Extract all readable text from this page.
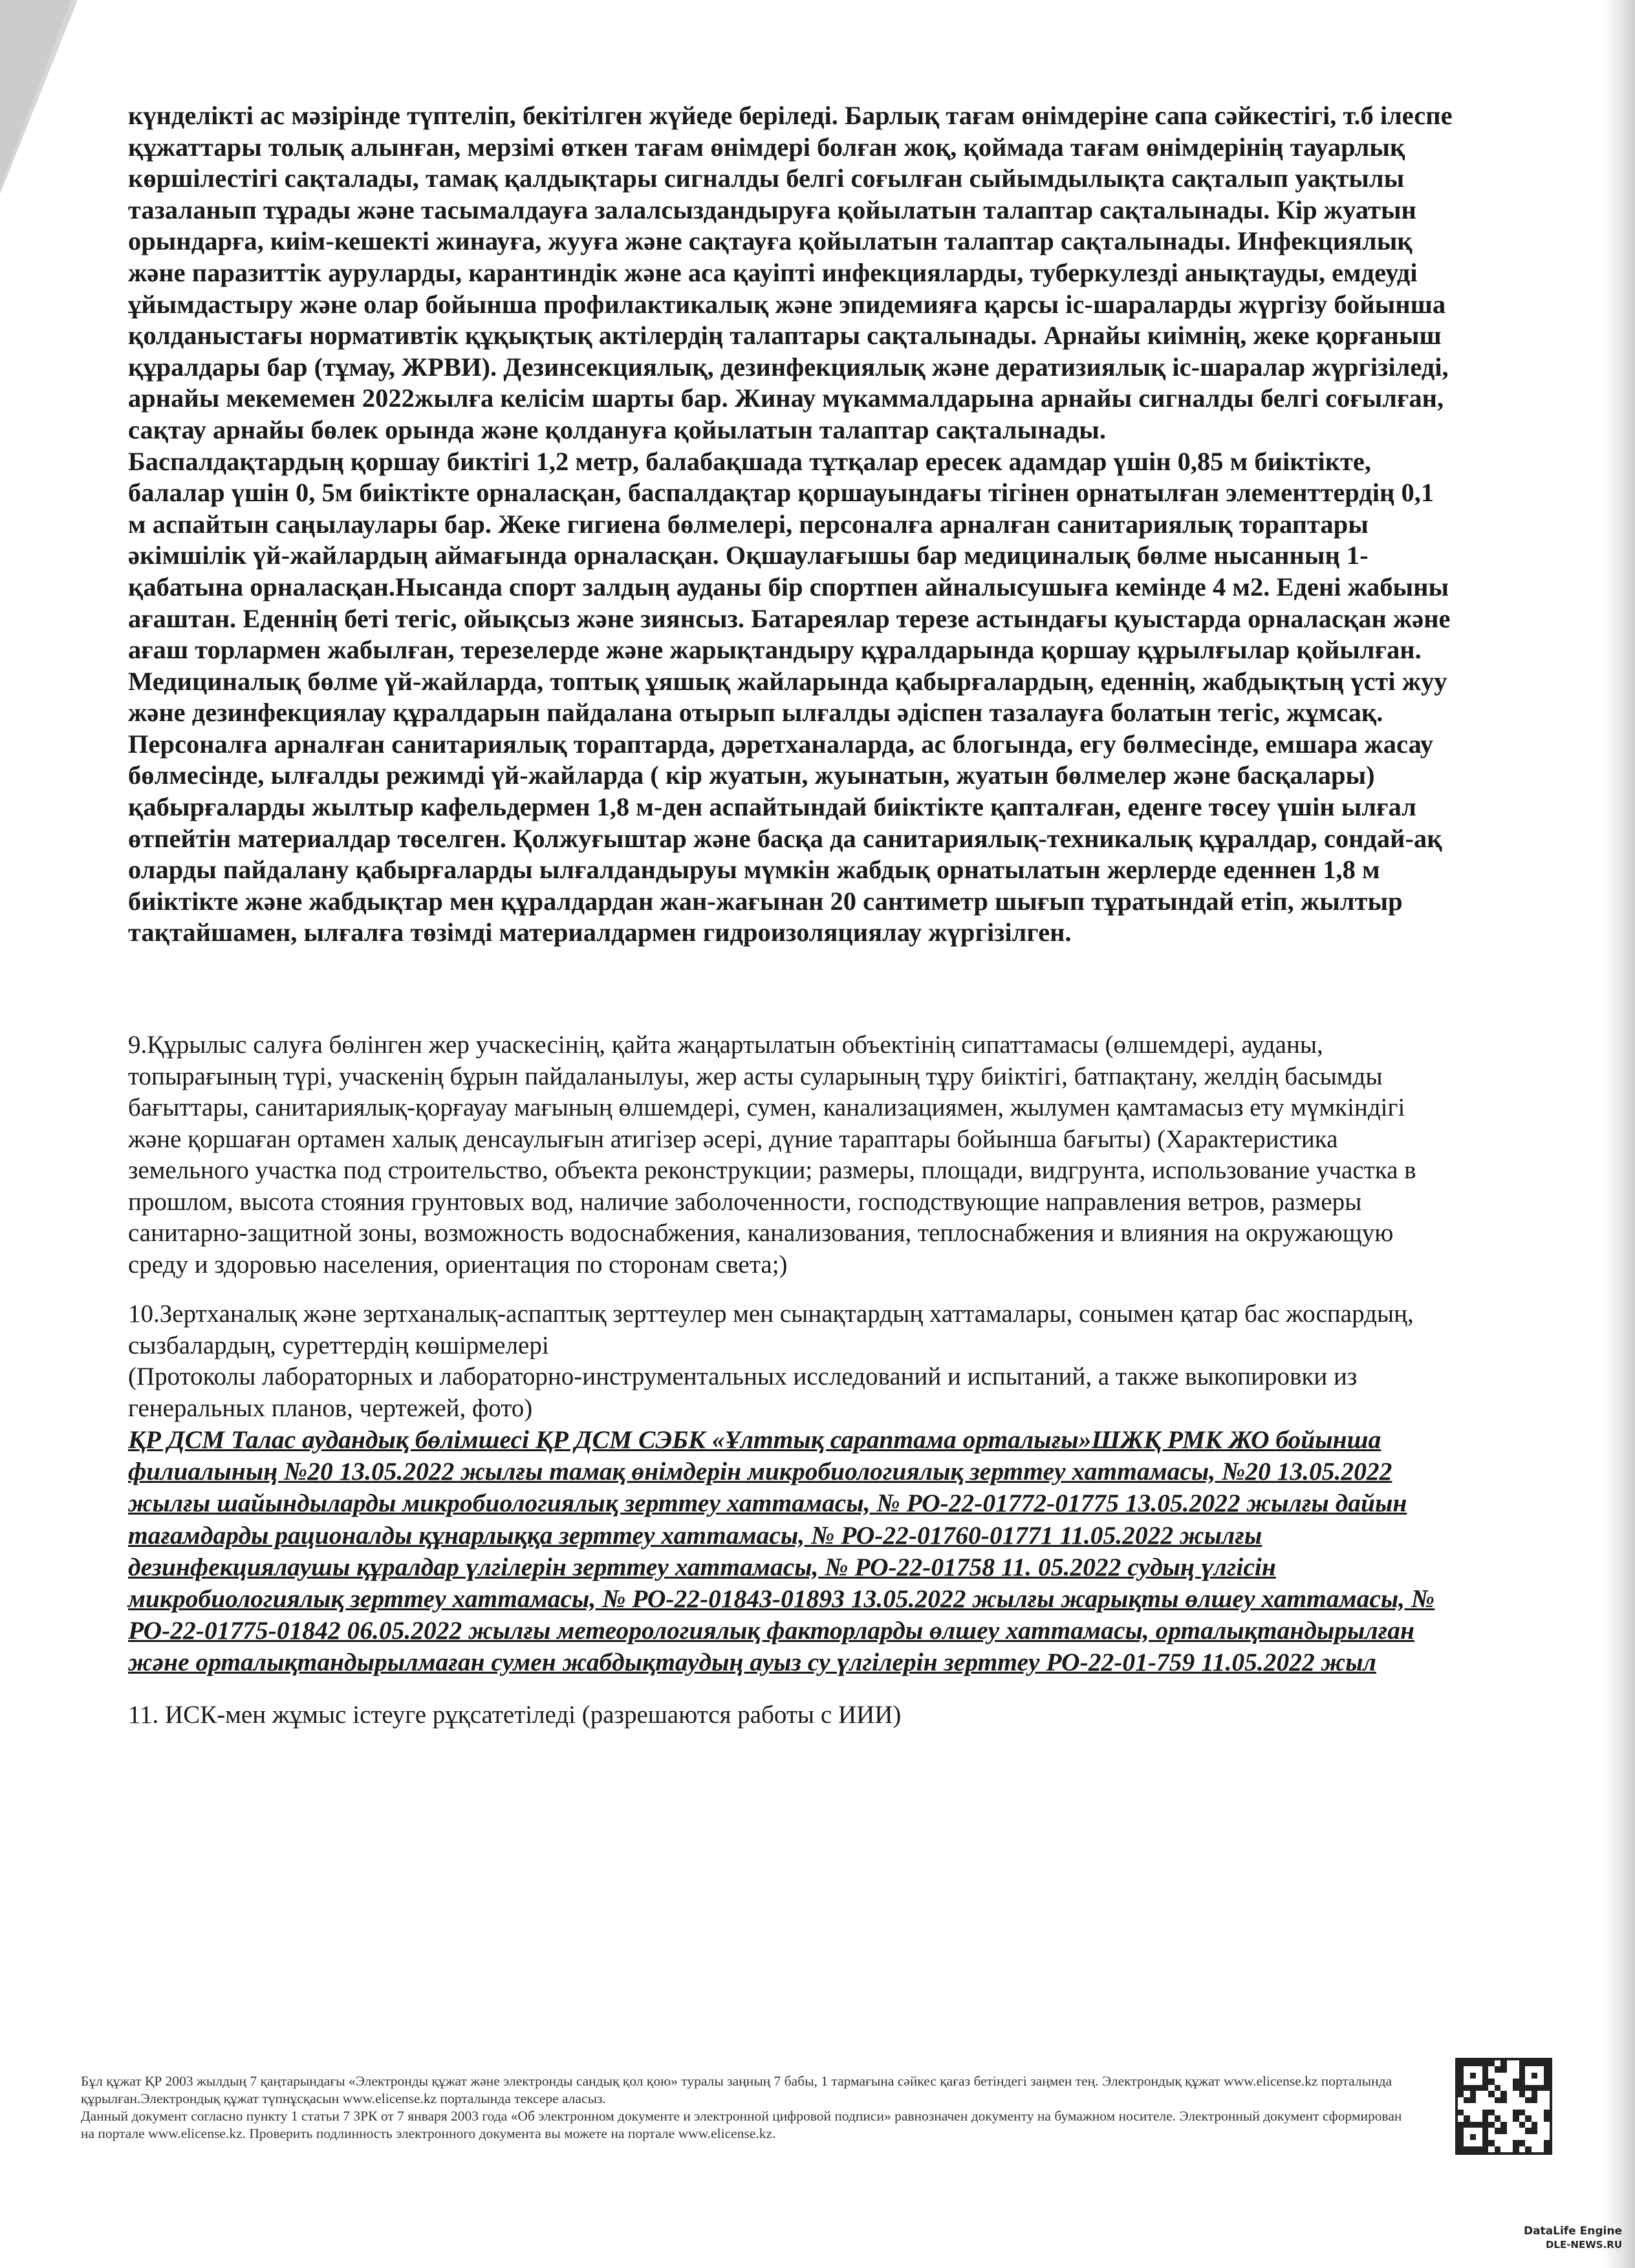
күнделікті ас мәзірінде түптеліп, бекітілген жүйеде беріледі. Барлық тағам өнімдеріне сапа сәйкестігі, т.б ілеспе құжаттары толық алынған, мерзімі өткен тағам өнімдері болған жоқ, қоймада тағам өнімдерінің тауарлық көршілестігі сақталады, тамақ қалдықтары сигналды белгі соғылған сыйымдылықта сақталып уақтылы тазаланып тұрады және тасымалдауға залалсыздандыруға қойылатын талаптар сақталынады. Кір жуатын орындарға, киім-кешекті жинауға, жууға және сақтауға қойылатын талаптар сақталынады. Инфекциялық және паразиттік ауруларды, карантиндік және аса қауіпті инфекцияларды, туберкулезді анықтауды, емдеуді ұйымдастыру және олар бойынша профилактикалық және эпидемияға қарсы іс-шараларды жүргізу бойынша қолданыстағы нормативтік құқықтық актілердің талаптары сақталынады. Арнайы киімнің, жеке қорғаныш құралдары бар (тұмау, ЖРВИ). Дезинсекциялық, дезинфекциялық және дератизиялық іс-шаралар жүргізіледі, арнайы мекемемен 2022жылға келісім шарты бар. Жинау мүкаммалдарына арнайы сигналды белгі соғылған, сақтау арнайы бөлек орында және қолдануға қойылатын талаптар сақталынады.
Баспалдақтардың қоршау биктігі 1,2 метр, балабақшада тұтқалар ересек адамдар үшін 0,85 м биіктікте, балалар үшін 0, 5м биіктікте орналасқан, баспалдақтар қоршауындағы тігінен орнатылған элементтердің 0,1 м аспайтын саңылаулары бар. Жеке гигиена бөлмелері, персоналға арналған санитариялық тораптары әкімшілік үй-жайлардың аймағында орналасқан. Оқшаулағышы бар медициналық бөлме нысанның 1-қабатына орналасқан.Нысанда спорт залдың ауданы бір спортпен айналысушыға кемінде 4 м2. Едені жабыны ағаштан. Еденнің беті тегіс, ойықсыз және зиянсыз. Батареялар терезе астындағы қуыстарда орналасқан және ағаш торлармен жабылған, терезелерде және жарықтандыру құралдарында қоршау құрылғылар қойылған. Медициналық бөлме үй-жайларда, топтық ұяшық жайларында қабырғалардың, еденнің, жабдықтың үсті жуу және дезинфекциялау құралдарын пайдалана отырып ылғалды әдіспен тазалауға болатын тегіс, жұмсақ. Персоналға арналған санитариялық тораптарда, дәретханаларда, ас блогында, егу бөлмесінде, емшара жасау бөлмесінде, ылғалды режимді үй-жайларда ( кір жуатын, жуынатын, жуатын бөлмелер және басқалары) қабырғаларды жылтыр кафельдермен 1,8 м-ден аспайтындай биіктікте қапталған, еденге төсеу үшін ылғал өтпейтін материалдар төселген. Қолжуғыштар және басқа да санитариялық-техникалық құралдар, сондай-ақ оларды пайдалану қабырғаларды ылғалдандыруы мүмкін жабдық орнатылатын жерлерде еденнен 1,8 м биіктікте және жабдықтар мен құралдардан жан-жағынан 20 сантиметр шығып тұратындай етіп, жылтыр тақтайшамен, ылғалға төзімді материалдармен гидроизоляциялау жүргізілген.

9.Құрылыс салуға бөлінген жер учаскесінің, қайта жаңартылатын объектінің сипаттамасы (өлшемдері, ауданы, топырағының түрі, учаскенің бұрын пайдаланылуы, жер асты суларының тұру биіктігі, батпақтану, желдің басымды бағыттары, санитариялық-қорғауау мағының өлшемдері, сумен, канализациямен, жылумен қамтамасыз ету мүмкіндігі және қоршаған ортамен халық денсаулығын атигізер әсері, дүние тараптары бойынша бағыты) (Характеристика земельного участка под строительство, объекта реконструкции; размеры, площади, видгрунта, использование участка в прошлом, высота стояния грунтовых вод, наличие заболоченности, господствующие направления ветров, размеры санитарно-защитной зоны, возможность водоснабжения, канализования, теплоснабжения и влияния на окружающую среду и здоровью населения, ориентация по сторонам света;)

10.Зертханалық және зертханалық-аспаптық зерттеулер мен сынақтардың хаттамалары, сонымен қатар бас жоспардың, сызбалардың, суреттердің көшірмелері
(Протоколы лабораторных и лабораторно-инструментальных исследований и испытаний, а также выкопировки из генеральных планов, чертежей, фото)

ҚР ДСМ Талас аудандық бөлімшесі ҚР ДСМ СЭБК «Ұлттық сараптама орталығы»ШЖҚ РМК ЖО бойынша филиалының №20 13.05.2022 жылғы тамақ өнімдерін микробиологиялық зерттеу хаттамасы, №20 13.05.2022 жылғы шайындыларды микробиологиялық зерттеу хаттамасы, № РО-22-01772-01775 13.05.2022 жылғы дайын тағамдарды рационалды құнарлыққа зерттеу хаттамасы, № РО-22-01760-01771 11.05.2022 жылғы дезинфекциялаушы құралдар үлгілерін зерттеу хаттамасы, № РО-22-01758 11. 05.2022 судың үлгісін микробиологиялық зерттеу хаттамасы, № РО-22-01843-01893 13.05.2022 жылғы жарықты өлшеу хаттамасы, № РО-22-01775-01842 06.05.2022 жылғы метеорологиялық факторларды өлшеу хаттамасы, орталықтандырылған және орталықтандырылмаған сумен жабдықтаудың ауыз су үлгілерін зерттеу РО-22-01-759 11.05.2022 жыл

11. ИСК-мен жұмыс істеуге рұқсатетіледі (разрешаются работы с ИИИ)

Бұл құжат ҚР 2003 жылдың 7 қаңтарындағы «Электронды құжат және электронды сандық қол қою» туралы заңның 7 бабы, 1 тармағына сәйкес қағаз бетіндегі заңмен тең. Электрондық құжат www.elicense.kz порталында құрылған.Электрондық құжат түпнұсқасын www.elicense.kz порталында тексере аласыз.
Данный документ согласно пункту 1 статьи 7 ЗРК от 7 января 2003 года «Об электронном документе и электронной цифровой подписи» равнозначен документу на бумажном носителе. Электронный документ сформирован на портале www.elicense.kz. Проверить подлинность электронного документа вы можете на портале www.elicense.kz.
DataLife Engine
DLE-NEWS.RU
